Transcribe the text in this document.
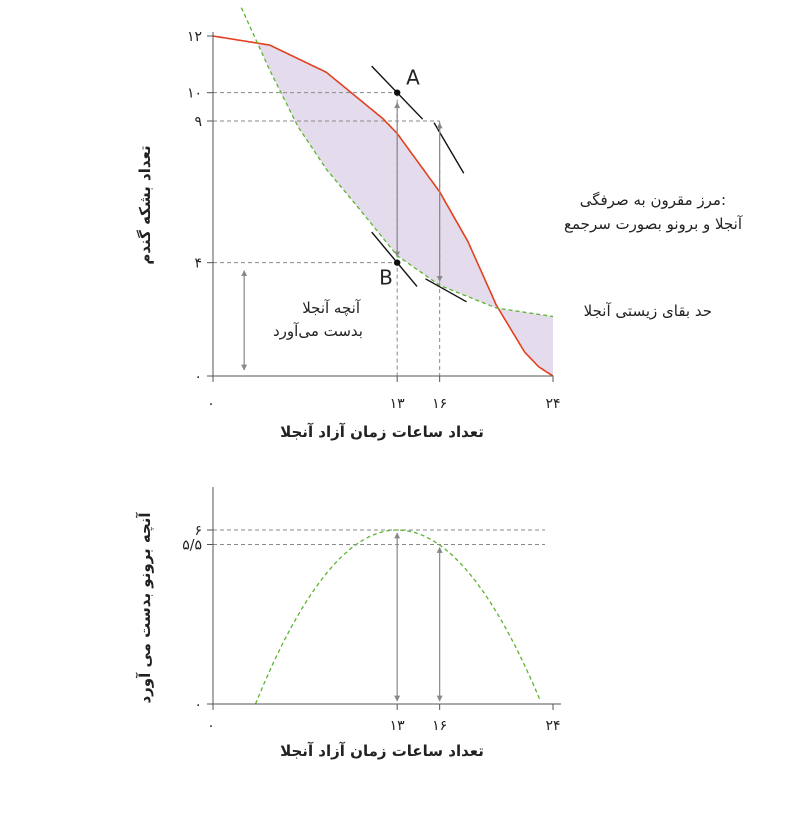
A
B
۰
۴
۹
۱۰
۱۲
۰	۱۳ ۱۶	۲۴
تعداد ساعات زمان آزاد آنجلا
تعداد بشکه گندم	مرز مقرون به صرفگی:
آنجلا و برونو بصورت سرجمع
حد بقای زیستی آنجلا
آنچه آنجلا
بدست می‌آورد
۰
۵/۵
۶
۰	۱۳ ۱۶	۲۴
تعداد ساعات زمان آزاد آنجلا
آنچه برونو بدست می آورد
